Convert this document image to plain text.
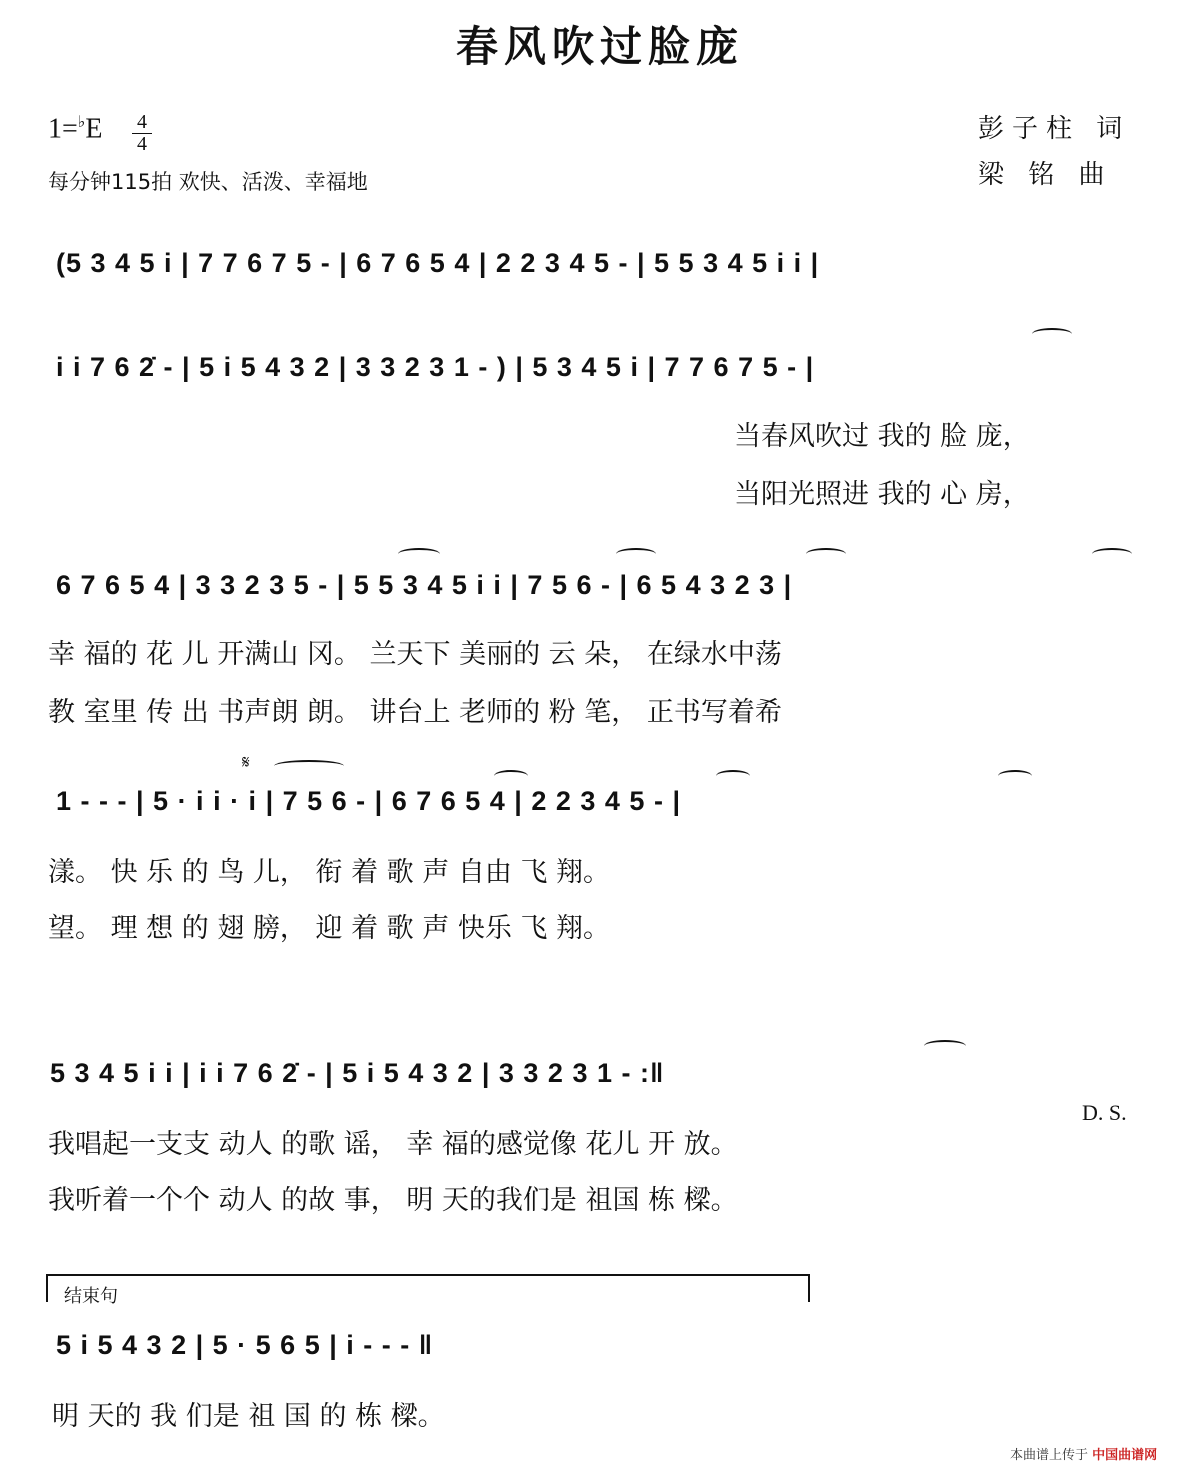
春风吹过脸庞
1=♭E 4
4
每分钟115拍 欢快、活泼、幸福地
彭子柱 词
梁 铭 曲
(5 3 4 5 i | 7 7 6 7 5 - | 6 7 6 5 4 | 2 2 3 4 5 - | 5 5 3 4 5 i i |
i i 7 6 2̇ - | 5 i 5 4 3 2 | 3 3 2 3 1 - ) | 5 3 4 5 i | 7 7 6 7 5 - |
当春风吹过 我的 脸 庞，
当阳光照进 我的 心 房，
6 7 6 5 4 | 3 3 2 3 5 - | 5 5 3 4 5 i i | 7 5 6 - | 6 5 4 3 2 3 |
幸 福的 花 儿 开满山 冈。 兰天下 美丽的 云 朵， 在绿水中荡
教 室里 传 出 书声朗 朗。 讲台上 老师的 粉 笔， 正书写着希
𝄋
1 - - - | 5 · i i · i | 7 5 6 - | 6 7 6 5 4 | 2 2 3 4 5 - |
漾。 快 乐 的 鸟 儿， 衔 着 歌 声 自由 飞 翔。
望。 理 想 的 翅 膀， 迎 着 歌 声 快乐 飞 翔。
5 3 4 5 i i | i i 7 6 2̇ - | 5 i 5 4 3 2 | 3 3 2 3 1 - :‖
D. S.
我唱起一支支 动人 的歌 谣， 幸 福的感觉像 花儿 开 放。
我听着一个个 动人 的故 事， 明 天的我们是 祖国 栋 樑。
结束句
5 i 5 4 3 2 | 5 · 5 6 5 | i - - - ‖
明 天的 我 们是 祖 国 的 栋 樑。
本曲谱上传于 中国曲谱网
